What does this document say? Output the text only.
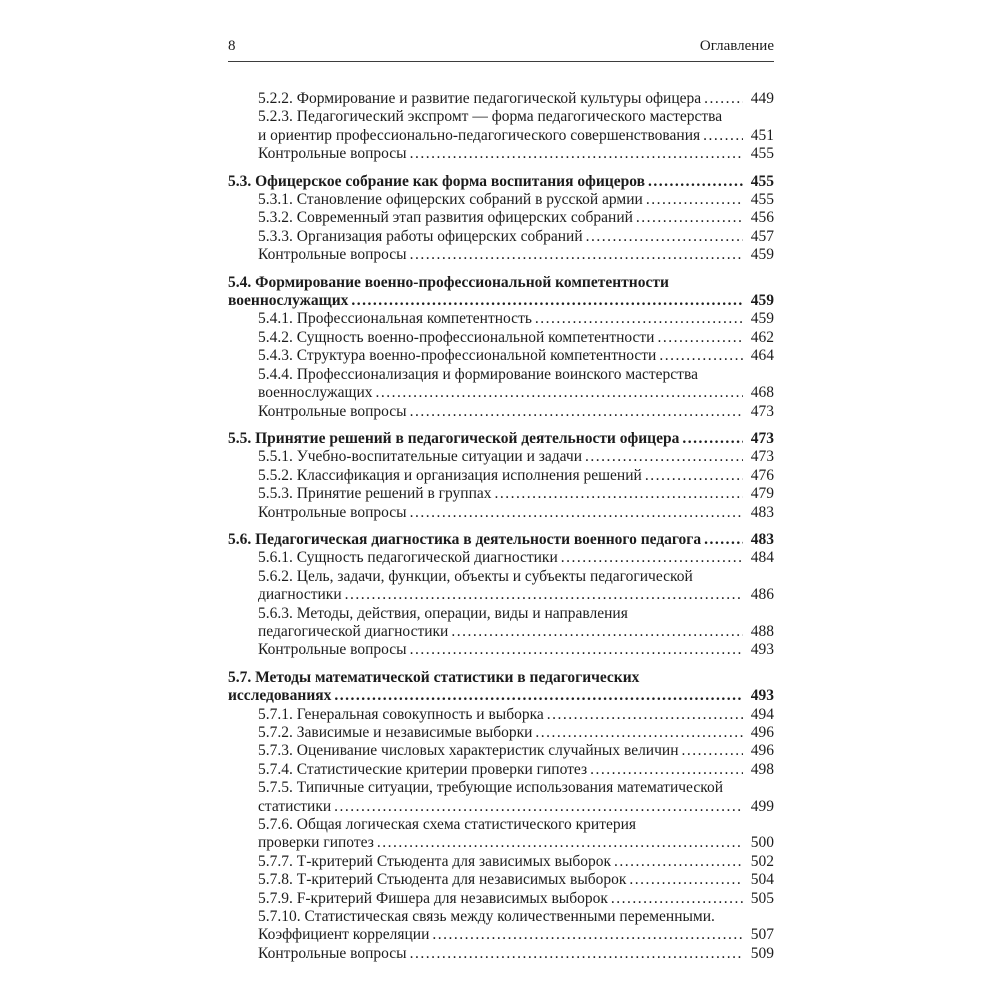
8	Оглавление
5.2.2. Формирование и развитие педагогической культуры офицера .....	449
5.2.3. Педагогический экспромт — форма педагогического мастерства
и ориентир профессионально-педагогического совершенствования .....	451
Контрольные вопросы .....	455
5.3. Офицерское собрание как форма воспитания офицеров .....	455
5.3.1. Становление офицерских собраний в русской армии .....	455
5.3.2. Современный этап развития офицерских собраний .....	456
5.3.3. Организация работы офицерских собраний .....	457
Контрольные вопросы .....	459
5.4. Формирование военно-профессиональной компетентности
военнослужащих .....	459
5.4.1. Профессиональная компетентность .....	459
5.4.2. Сущность военно-профессиональной компетентности .....	462
5.4.3. Структура военно-профессиональной компетентности .....	464
5.4.4. Профессионализация и формирование воинского мастерства
военнослужащих .....	468
Контрольные вопросы .....	473
5.5. Принятие решений в педагогической деятельности офицера .....	473
5.5.1. Учебно-воспитательные ситуации и задачи .....	473
5.5.2. Классификация и организация исполнения решений .....	476
5.5.3. Принятие решений в группах .....	479
Контрольные вопросы .....	483
5.6. Педагогическая диагностика в деятельности военного педагога .....	483
5.6.1. Сущность педагогической диагностики .....	484
5.6.2. Цель, задачи, функции, объекты и субъекты педагогической
диагностики .....	486
5.6.3. Методы, действия, операции, виды и направления
педагогической диагностики .....	488
Контрольные вопросы .....	493
5.7. Методы математической статистики в педагогических
исследованиях .....	493
5.7.1. Генеральная совокупность и выборка .....	494
5.7.2. Зависимые и независимые выборки .....	496
5.7.3. Оценивание числовых характеристик случайных величин .....	496
5.7.4. Статистические критерии проверки гипотез .....	498
5.7.5. Типичные ситуации, требующие использования математической
статистики .....	499
5.7.6. Общая логическая схема статистического критерия
проверки гипотез .....	500
5.7.7. Т-критерий Стьюдента для зависимых выборок .....	502
5.7.8. Т-критерий Стьюдента для независимых выборок .....	504
5.7.9. F-критерий Фишера для независимых выборок .....	505
5.7.10. Статистическая связь между количественными переменными.
Коэффициент корреляции .....	507
Контрольные вопросы .....	509
